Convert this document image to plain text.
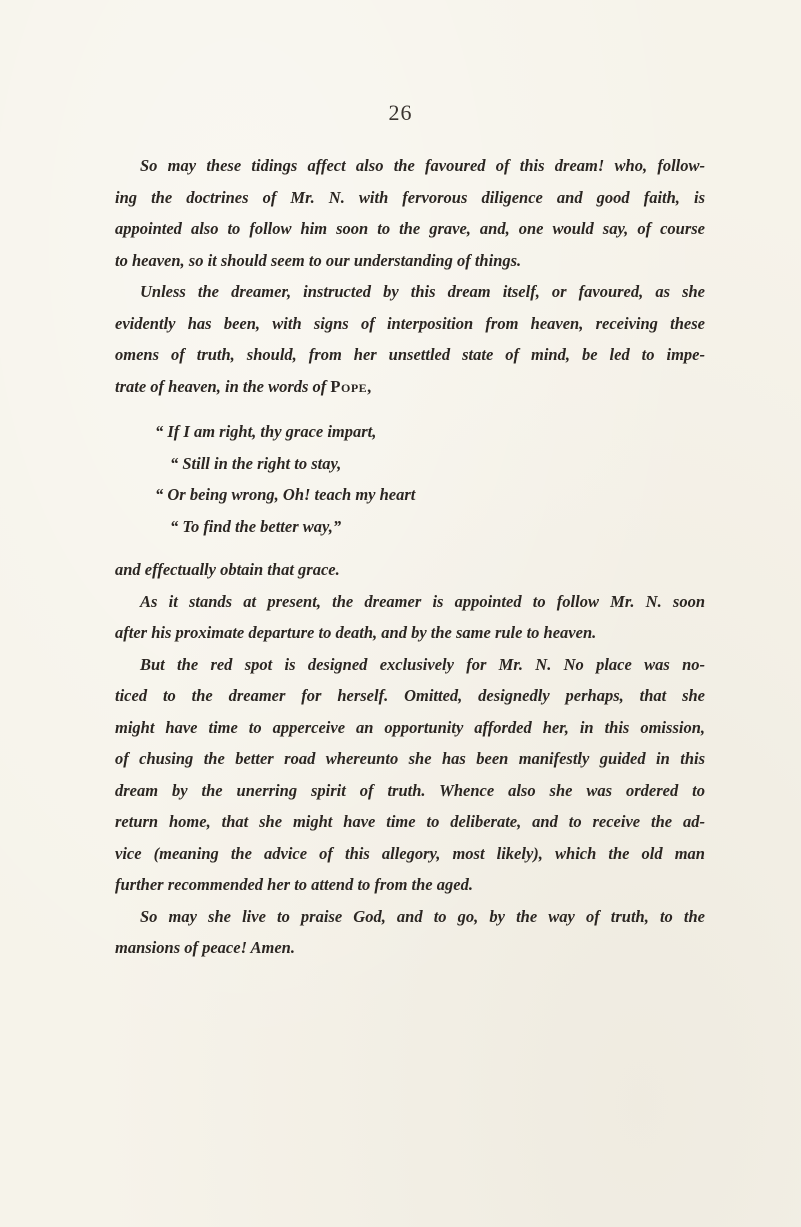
26
So may these tidings affect also the favoured of this dream! who, follow-
ing the doctrines of Mr. N. with fervorous diligence and good faith, is
appointed also to follow him soon to the grave, and, one would say, of course
to heaven, so it should seem to our understanding of things.
Unless the dreamer, instructed by this dream itself, or favoured, as she
evidently has been, with signs of interposition from heaven, receiving these
omens of truth, should, from her unsettled state of mind, be led to impe-
trate of heaven, in the words of Pope,
“ If I am right, thy grace impart,
“ Still in the right to stay,
“ Or being wrong, Oh! teach my heart
“ To find the better way,”
and effectually obtain that grace.
As it stands at present, the dreamer is appointed to follow Mr. N. soon
after his proximate departure to death, and by the same rule to heaven.
But the red spot is designed exclusively for Mr. N. No place was no-
ticed to the dreamer for herself. Omitted, designedly perhaps, that she
might have time to apperceive an opportunity afforded her, in this omission,
of chusing the better road whereunto she has been manifestly guided in this
dream by the unerring spirit of truth. Whence also she was ordered to
return home, that she might have time to deliberate, and to receive the ad-
vice (meaning the advice of this allegory, most likely), which the old man
further recommended her to attend to from the aged.
So may she live to praise God, and to go, by the way of truth, to the
mansions of peace! Amen.
